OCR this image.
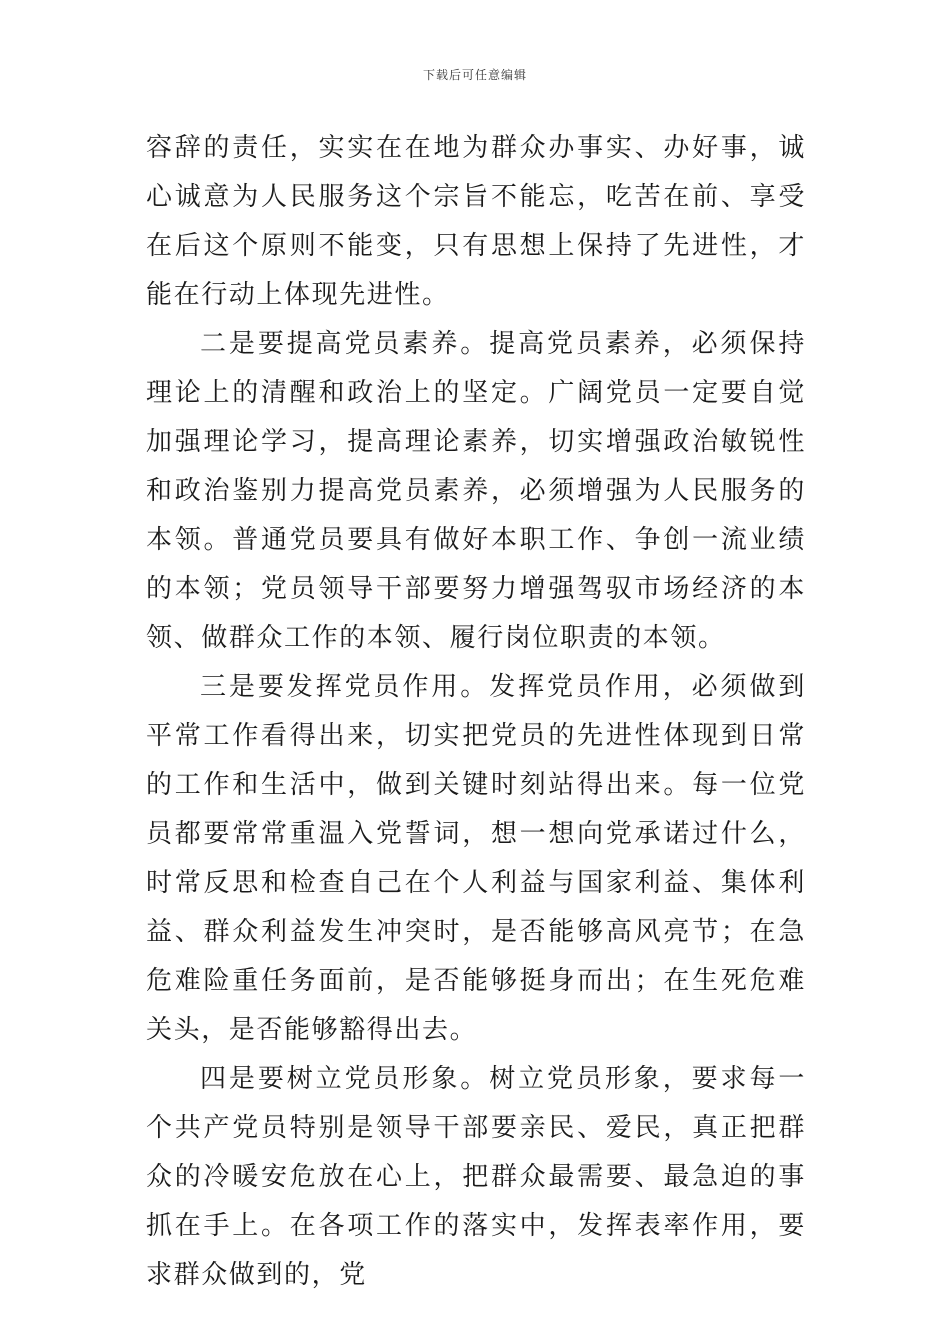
下载后可任意编辑

容辞的责任，实实在在地为群众办事实、办好事，诚心诚意为人民服务这个宗旨不能忘，吃苦在前、享受在后这个原则不能变，只有思想上保持了先进性，才能在行动上体现先进性。

二是要提高党员素养。提高党员素养，必须保持理论上的清醒和政治上的坚定。广阔党员一定要自觉加强理论学习，提高理论素养，切实增强政治敏锐性和政治鉴别力提高党员素养，必须增强为人民服务的本领。普通党员要具有做好本职工作、争创一流业绩的本领；党员领导干部要努力增强驾驭市场经济的本领、做群众工作的本领、履行岗位职责的本领。

三是要发挥党员作用。发挥党员作用，必须做到平常工作看得出来，切实把党员的先进性体现到日常的工作和生活中，做到关键时刻站得出来。每一位党员都要常常重温入党誓词，想一想向党承诺过什么，时常反思和检查自己在个人利益与国家利益、集体利益、群众利益发生冲突时，是否能够高风亮节；在急危难险重任务面前，是否能够挺身而出；在生死危难关头，是否能够豁得出去。

四是要树立党员形象。树立党员形象，要求每一个共产党员特别是领导干部要亲民、爱民，真正把群众的冷暖安危放在心上，把群众最需要、最急迫的事抓在手上。在各项工作的落实中，发挥表率作用，要求群众做到的，党
